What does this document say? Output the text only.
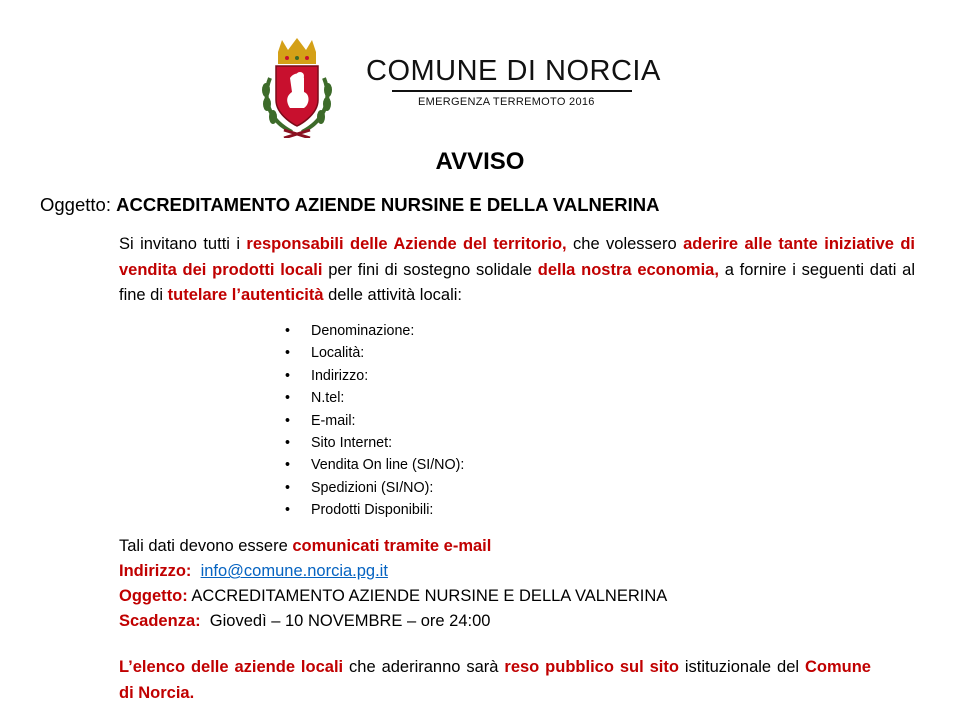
COMUNE DI NORCIA
EMERGENZA TERREMOTO 2016
AVVISO
Oggetto: ACCREDITAMENTO AZIENDE NURSINE E DELLA VALNERINA
Si invitano tutti i responsabili delle Aziende del territorio, che volessero aderire alle tante iniziative di vendita dei prodotti locali per fini di sostegno solidale della nostra economia, a fornire i seguenti dati al fine di tutelare l’autenticità delle attività locali:
• Denominazione:
• Località:
• Indirizzo:
• N.tel:
• E-mail:
• Sito Internet:
• Vendita On line (SI/NO):
• Spedizioni (SI/NO):
• Prodotti Disponibili:
Tali dati devono essere comunicati tramite e-mail
Indirizzo: info@comune.norcia.pg.it
Oggetto: ACCREDITAMENTO AZIENDE NURSINE E DELLA VALNERINA
Scadenza: Giovedì – 10 NOVEMBRE – ore 24:00
L’elenco delle aziende locali che aderiranno sarà reso pubblico sul sito istituzionale del Comune di Norcia.
